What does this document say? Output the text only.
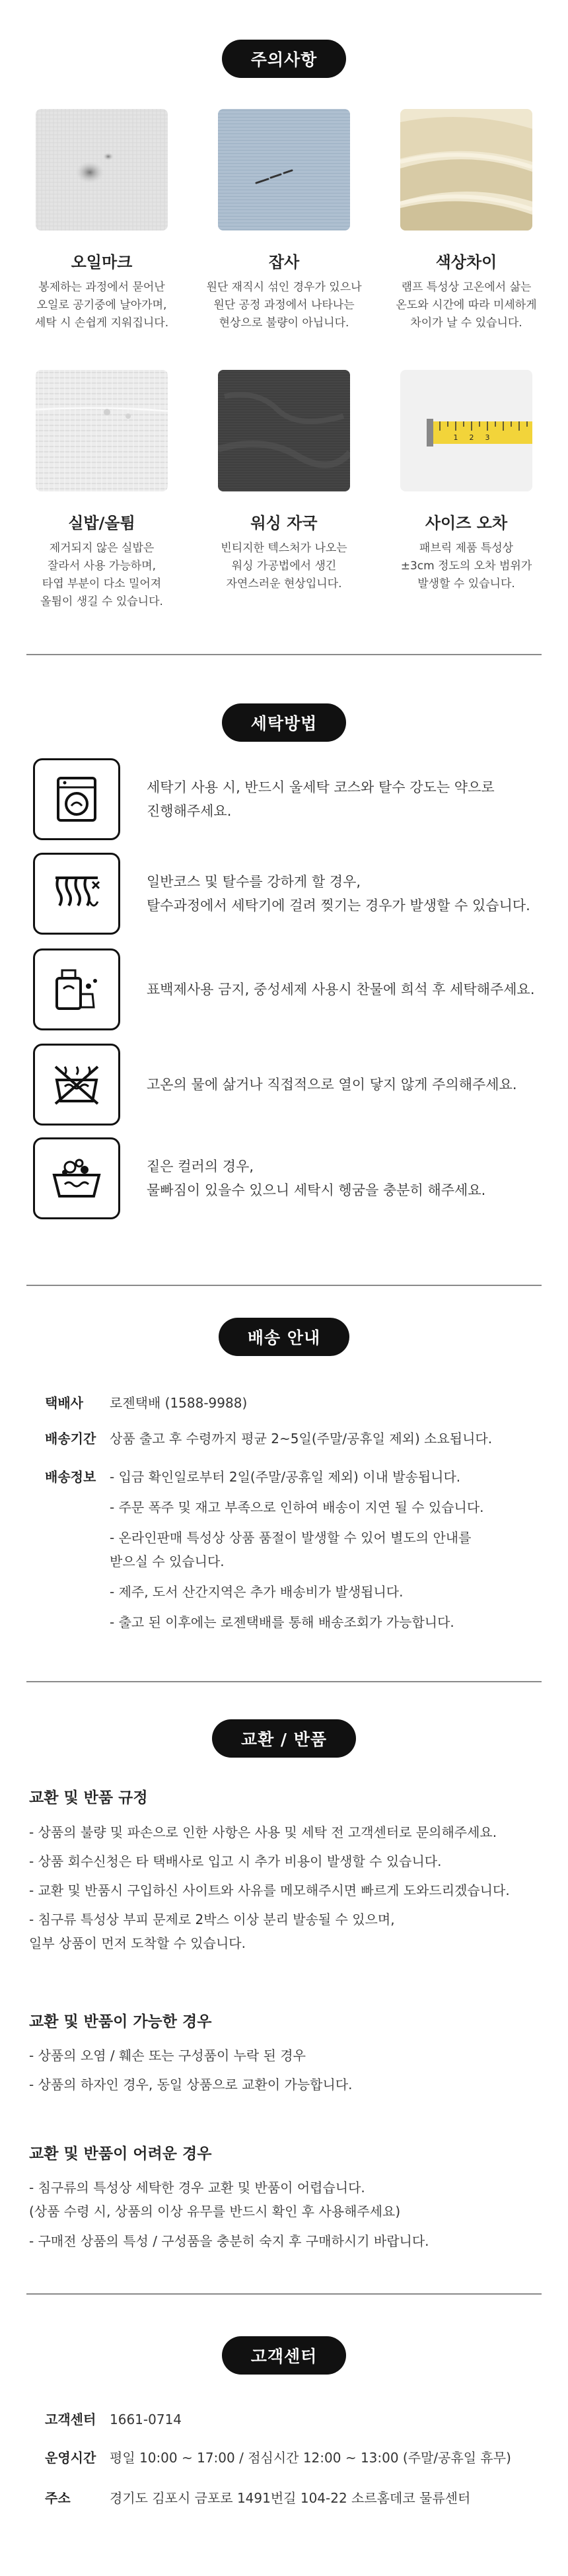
주의사항
오일마크
봉제하는 과정에서 묻어난
오일로 공기중에 날아가며,
세탁 시 손쉽게 지워집니다.
잡사
원단 재직시 섞인 경우가 있으나
원단 공정 과정에서 나타나는
현상으로 불량이 아닙니다.
색상차이
램프 특성상 고온에서 삶는
온도와 시간에 따라 미세하게
차이가 날 수 있습니다.
실밥/올튐
제거되지 않은 실밥은
잘라서 사용 가능하며,
타엽 부분이 다소 밀어져
올튐이 생길 수 있습니다.
워싱 자국
빈티지한 텍스처가 나오는
워싱 가공법에서 생긴
자연스러운 현상입니다.
1 2 3
사이즈 오차
패브릭 제품 특성상
±3cm 정도의 오차 범위가
발생할 수 있습니다.
세탁방법
세탁기 사용 시, 반드시 울세탁 코스와 탈수 강도는 약으로
진행해주세요.
일반코스 및 탈수를 강하게 할 경우,
탈수과정에서 세탁기에 걸려 찢기는 경우가 발생할 수 있습니다.
표백제사용 금지, 중성세제 사용시 찬물에 희석 후 세탁해주세요.
고온의 물에 삶거나 직접적으로 열이 닿지 않게 주의해주세요.
짙은 컬러의 경우,
물빠짐이 있을수 있으니 세탁시 헹굼을 충분히 해주세요.
배송 안내
택배사	로젠택배 (1588-9988)
배송기간	상품 출고 후 수령까지 평균 2~5일(주말/공휴일 제외) 소요됩니다.
배송정보	- 입금 확인일로부터 2일(주말/공휴일 제외) 이내 발송됩니다.
- 주문 폭주 및 재고 부족으로 인하여 배송이 지연 될 수 있습니다.
- 온라인판매 특성상 상품 품절이 발생할 수 있어 별도의 안내를
받으실 수 있습니다.
- 제주, 도서 산간지역은 추가 배송비가 발생됩니다.
- 출고 된 이후에는 로젠택배를 통해 배송조회가 가능합니다.
교환 / 반품
교환 및 반품 규정
- 상품의 불량 및 파손으로 인한 사항은 사용 및 세탁 전 고객센터로 문의해주세요.
- 상품 회수신청은 타 택배사로 입고 시 추가 비용이 발생할 수 있습니다.
- 교환 및 반품시 구입하신 사이트와 사유를 메모해주시면 빠르게 도와드리겠습니다.
- 침구류 특성상 부피 문제로 2박스 이상 분리 발송될 수 있으며,
일부 상품이 먼저 도착할 수 있습니다.
교환 및 반품이 가능한 경우
- 상품의 오염 / 훼손 또는 구성품이 누락 된 경우
- 상품의 하자인 경우, 동일 상품으로 교환이 가능합니다.
교환 및 반품이 어려운 경우
- 침구류의 특성상 세탁한 경우 교환 및 반품이 어렵습니다.
(상품 수령 시, 상품의 이상 유무를 반드시 확인 후 사용해주세요)
- 구매전 상품의 특성 / 구성품을 충분히 숙지 후 구매하시기 바랍니다.
고객센터
고객센터	1661-0714
운영시간	평일 10:00 ~ 17:00 / 점심시간 12:00 ~ 13:00 (주말/공휴일 휴무)
주소	경기도 김포시 금포로 1491번길 104-22 소르홈데코 물류센터
